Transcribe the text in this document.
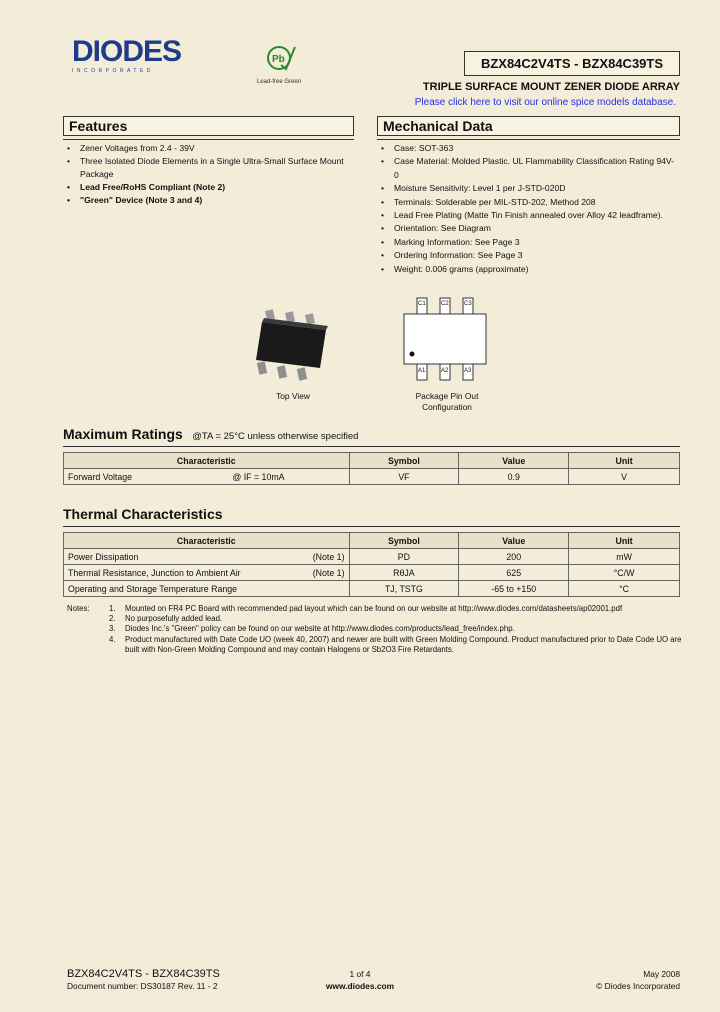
DIODES
INCORPORATED
Pb
Lead-free Green
BZX84C2V4TS - BZX84C39TS
TRIPLE SURFACE MOUNT ZENER DIODE ARRAY
Please click here to visit our online spice models database.
Features
• Zener Voltages from 2.4 - 39V
• Three Isolated Diode Elements in a Single Ultra-Small Surface Mount Package
• Lead Free/RoHS Compliant (Note 2)
• "Green" Device (Note 3 and 4)
Top View
Mechanical Data
• Case: SOT-363
• Case Material: Molded Plastic. UL Flammability Classification Rating 94V-0
• Moisture Sensitivity: Level 1 per J-STD-020D
• Terminals: Solderable per MIL-STD-202, Method 208
• Lead Free Plating (Matte Tin Finish annealed over Alloy 42 leadframe).
• Orientation: See Diagram
• Marking Information: See Page 3
• Ordering Information: See Page 3
• Weight: 0.006 grams (approximate)
C1	C2	C3
A1	A2	A3
Package Pin Out
Configuration
Maximum Ratings @TA = 25°C unless otherwise specified
Characteristic	Symbol	Value	Unit
Forward Voltage @ IF = 10mA	VF	0.9	V
Thermal Characteristics
Characteristic	Symbol	Value	Unit
Power Dissipation (Note 1)	PD	200	mW
Thermal Resistance, Junction to Ambient Air (Note 1)	RθJA	625	°C/W
Operating and Storage Temperature Range	TJ, TSTG	-65 to +150	°C
Notes: 1.	Mounted on FR4 PC Board with recommended pad layout which can be found on our website at http://www.diodes.com/datasheets/ap02001.pdf
2.	No purposefully added lead.
3.	Diodes Inc.'s "Green" policy can be found on our website at http://www.diodes.com/products/lead_free/index.php.
4.	Product manufactured with Date Code UO (week 40, 2007) and newer are built with Green Molding Compound. Product manufactured prior to Date Code UO are built with Non-Green Molding Compound and may contain Halogens or Sb2O3 Fire Retardants.
BZX84C2V4TS - BZX84C39TS
Document number: DS30187 Rev. 11 - 2
1 of 4
www.diodes.com
May 2008
© Diodes Incorporated
